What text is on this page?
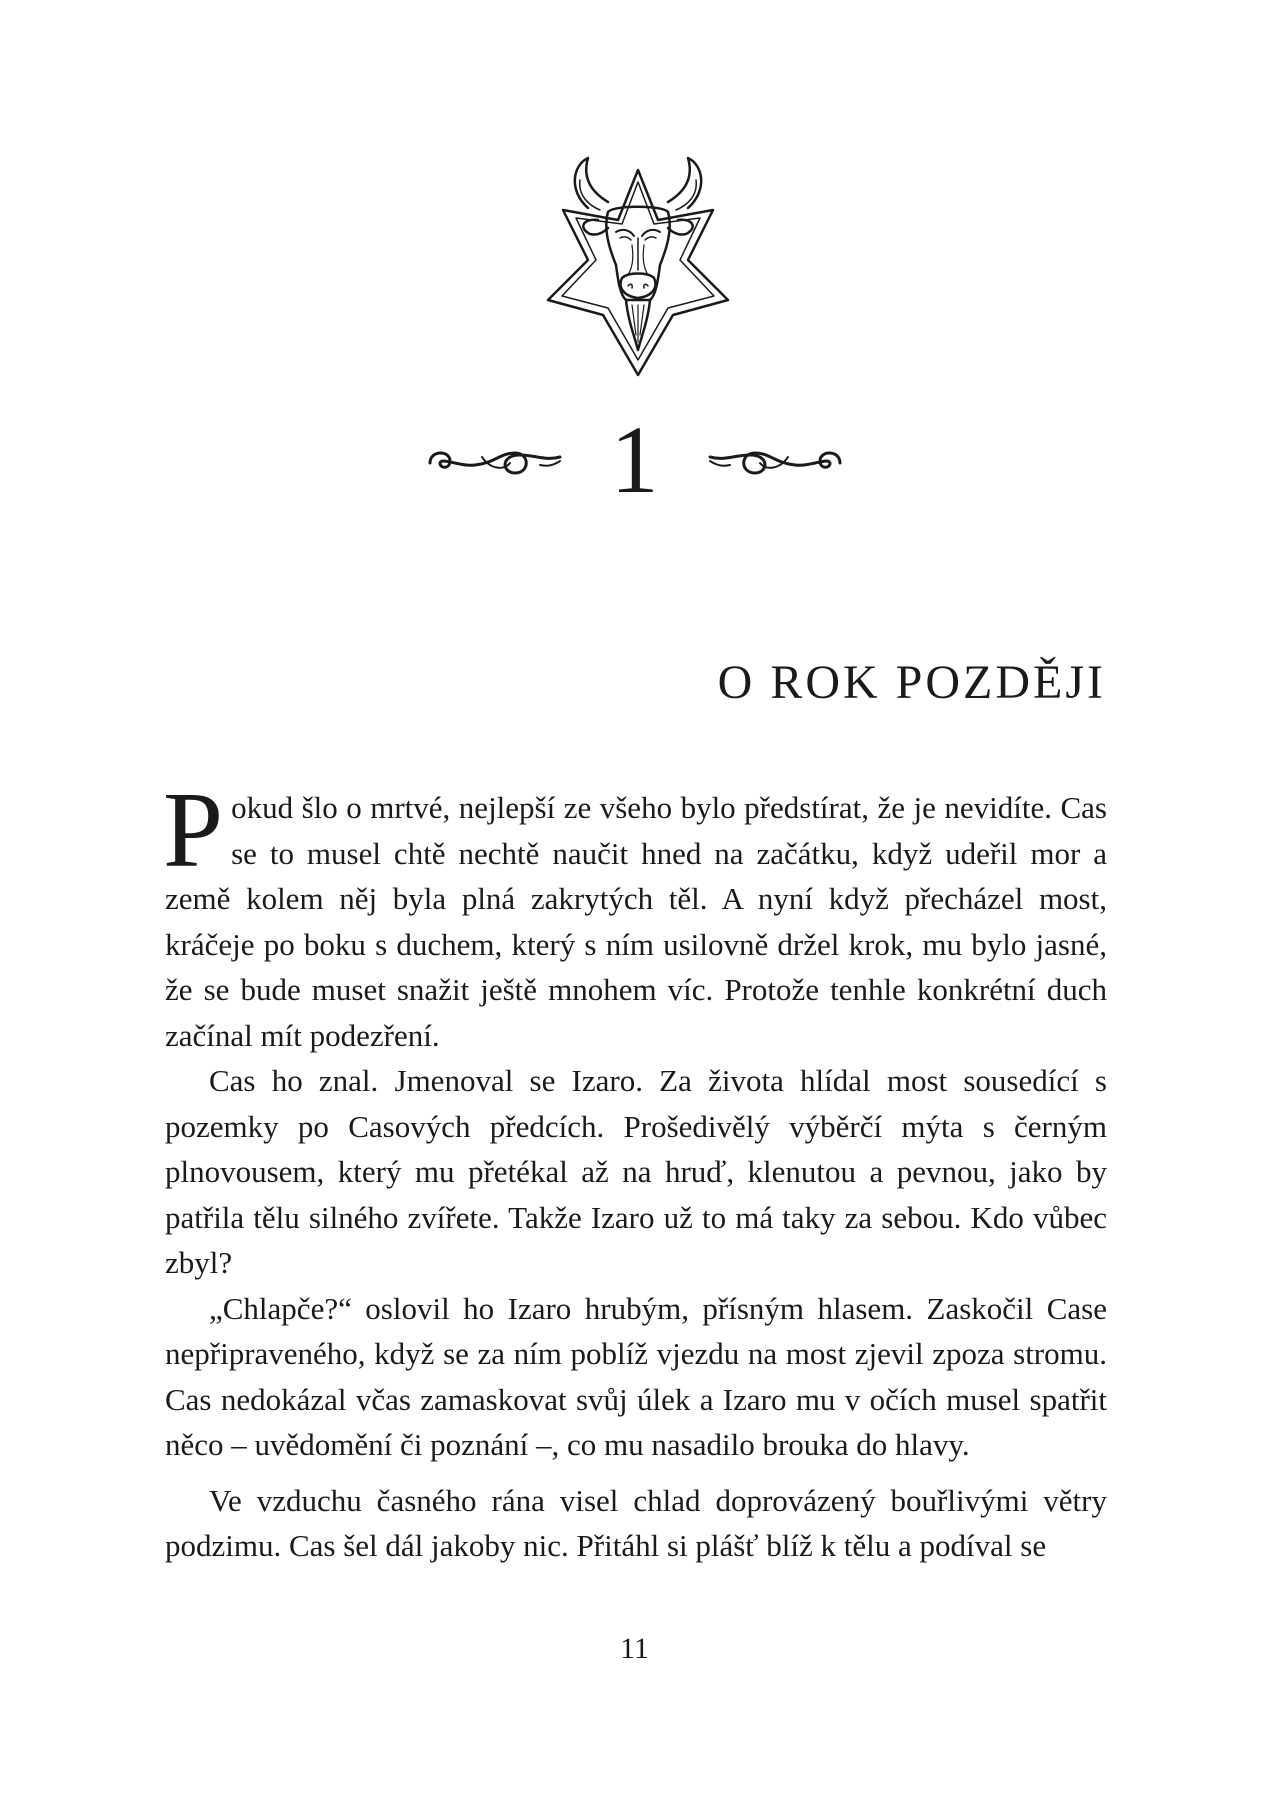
1
O ROK POZDĚJI

Pokud šlo o mrtvé, nejlepší ze všeho bylo předstírat, že je nevidíte. Cas se to musel chtě nechtě naučit hned na začátku, když udeřil mor a země kolem něj byla plná zakrytých těl. A nyní když přecházel most, kráčeje po boku s duchem, který s ním usilovně držel krok, mu bylo jasné, že se bude muset snažit ještě mnohem víc. Protože tenhle konkrétní duch začínal mít podezření.

Cas ho znal. Jmenoval se Izaro. Za života hlídal most sousedící s pozemky po Casových předcích. Prošedivělý výběrčí mýta s černým plnovousem, který mu přetékal až na hruď, klenutou a pevnou, jako by patřila tělu silného zvířete. Takže Izaro už to má taky za sebou. Kdo vůbec zbyl?

„Chlapče?“ oslovil ho Izaro hrubým, přísným hlasem. Zaskočil Case nepřipraveného, když se za ním poblíž vjezdu na most zjevil zpoza stromu. Cas nedokázal včas zamaskovat svůj úlek a Izaro mu v očích musel spatřit něco – uvědomění či poznání –, co mu nasadilo brouka do hlavy.

Ve vzduchu časného rána visel chlad doprovázený bouřlivými větry podzimu. Cas šel dál jakoby nic. Přitáhl si plášť blíž k tělu a podíval se

11
